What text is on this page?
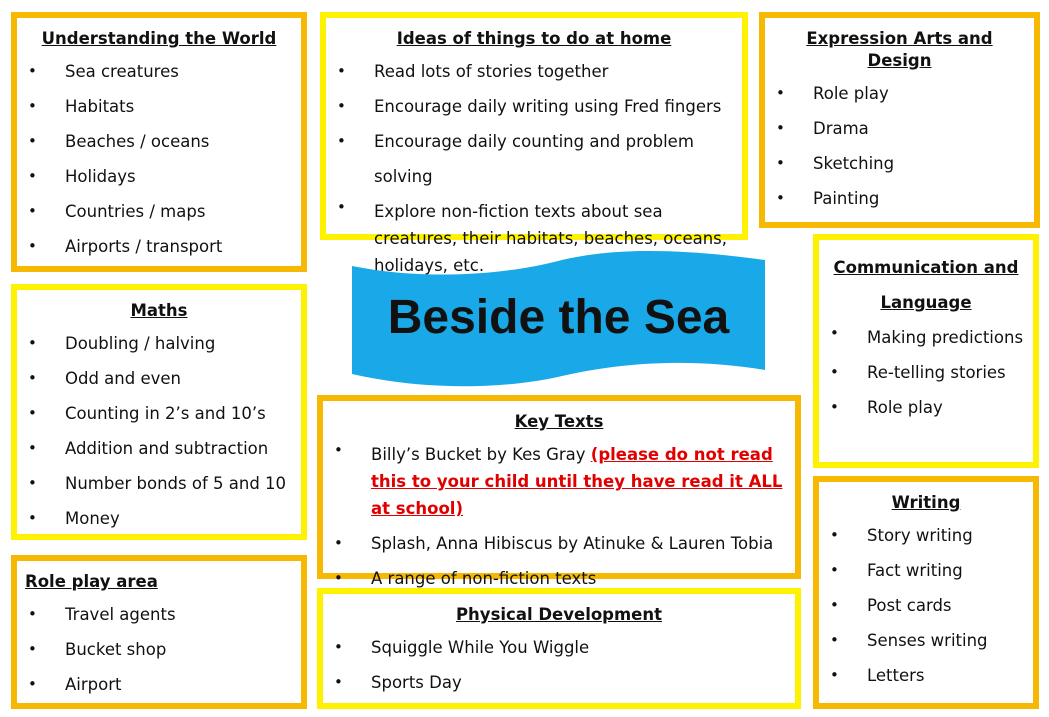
Understanding the World
• Sea creatures
• Habitats
• Beaches / oceans
• Holidays
• Countries / maps
• Airports / transport
Ideas of things to do at home
• Read lots of stories together
• Encourage daily writing using Fred fingers
• Encourage daily counting and problem solving
• Explore non-fiction texts about sea creatures, their habitats, beaches, oceans, holidays, etc.
Expression Arts and Design
• Role play
• Drama
• Sketching
• Painting
Maths
• Doubling / halving
• Odd and even
• Counting in 2’s and 10’s
• Addition and subtraction
• Number bonds of 5 and 10
• Money
Beside the Sea
Communication and
Language
• Making predictions
• Re-telling stories
• Role play
Key Texts
• Billy’s Bucket by Kes Gray (please do not read this to your child until they have read it ALL at school)
• Splash, Anna Hibiscus by Atinuke & Lauren Tobia
• A range of non-fiction texts
Role play area
• Travel agents
• Bucket shop
• Airport
Physical Development
• Squiggle While You Wiggle
• Sports Day
Writing
• Story writing
• Fact writing
• Post cards
• Senses writing
• Letters
